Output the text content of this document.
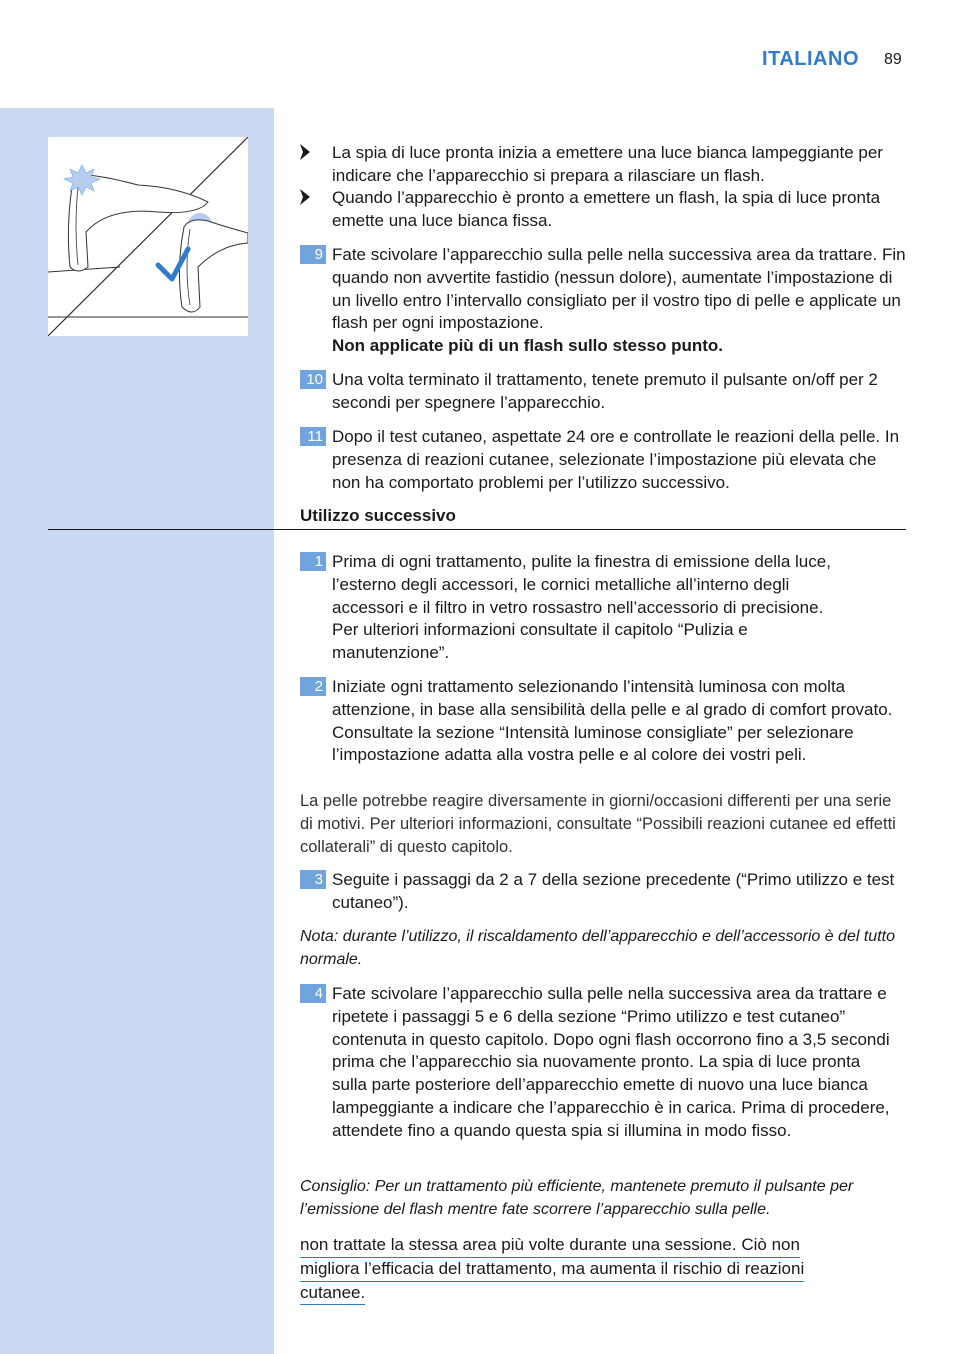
ITALIANO 89
La spia di luce pronta inizia a emettere una luce bianca lampeggiante per indicare che l’apparecchio si prepara a rilasciare un flash.
Quando l’apparecchio è pronto a emettere un flash, la spia di luce pronta emette una luce bianca fissa.
9 Fate scivolare l’apparecchio sulla pelle nella successiva area da trattare. Fin quando non avvertite fastidio (nessun dolore), aumentate l’impostazione di un livello entro l’intervallo consigliato per il vostro tipo di pelle e applicate un flash per ogni impostazione.
Non applicate più di un flash sullo stesso punto.
10 Una volta terminato il trattamento, tenete premuto il pulsante on/off per 2 secondi per spegnere l’apparecchio.
11 Dopo il test cutaneo, aspettate 24 ore e controllate le reazioni della pelle. In presenza di reazioni cutanee, selezionate l’impostazione più elevata che non ha comportato problemi per l’utilizzo successivo.
Utilizzo successivo
1 Prima di ogni trattamento, pulite la finestra di emissione della luce, l’esterno degli accessori, le cornici metalliche all’interno degli accessori e il filtro in vetro rossastro nell’accessorio di precisione. Per ulteriori informazioni consultate il capitolo “Pulizia e manutenzione”.
2 Iniziate ogni trattamento selezionando l’intensità luminosa con molta attenzione, in base alla sensibilità della pelle e al grado di comfort provato. Consultate la sezione “Intensità luminose consigliate” per selezionare l’impostazione adatta alla vostra pelle e al colore dei vostri peli.
La pelle potrebbe reagire diversamente in giorni/occasioni differenti per una serie di motivi. Per ulteriori informazioni, consultate “Possibili reazioni cutanee ed effetti collaterali” di questo capitolo.
3 Seguite i passaggi da 2 a 7 della sezione precedente (“Primo utilizzo e test cutaneo”).
Nota: durante l’utilizzo, il riscaldamento dell’apparecchio e dell’accessorio è del tutto normale.
4 Fate scivolare l’apparecchio sulla pelle nella successiva area da trattare e ripetete i passaggi 5 e 6 della sezione “Primo utilizzo e test cutaneo” contenuta in questo capitolo. Dopo ogni flash occorrono fino a 3,5 secondi prima che l’apparecchio sia nuovamente pronto. La spia di luce pronta sulla parte posteriore dell’apparecchio emette di nuovo una luce bianca lampeggiante a indicare che l’apparecchio è in carica. Prima di procedere, attendete fino a quando questa spia si illumina in modo fisso.
Consiglio: Per un trattamento più efficiente, mantenete premuto il pulsante per l’emissione del flash mentre fate scorrere l’apparecchio sulla pelle.
non trattate la stessa area più volte durante una sessione. Ciò non
migliora l’efficacia del trattamento, ma aumenta il rischio di reazioni
cutanee.
